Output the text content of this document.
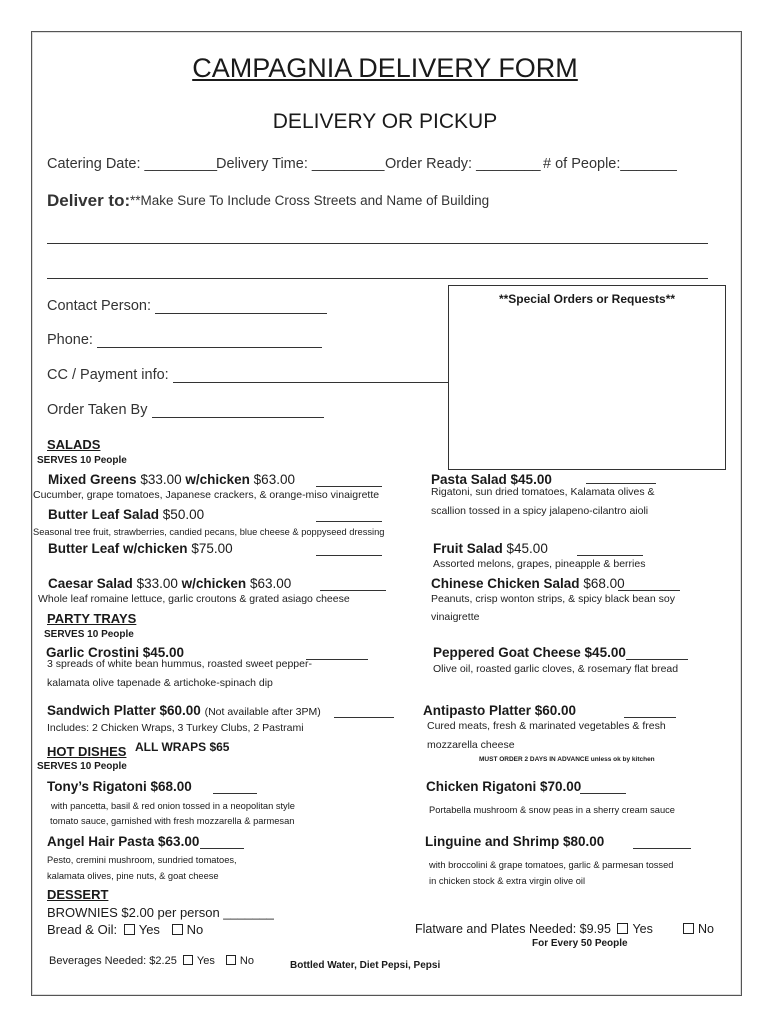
CAMPAGNIA DELIVERY FORM
DELIVERY OR PICKUP
Catering Date: _________
Delivery Time: _________ Order Ready: ________ # of People:_______
Deliver to: **Make Sure To Include Cross Streets and Name of Building
Contact Person:
Phone:
CC / Payment info:
Order Taken By
**Special Orders or Requests**
SALADS
SERVES 10 People
Mixed Greens $33.00 w/chicken $63.00
Cucumber, grape tomatoes, Japanese crackers, & orange-miso vinaigrette
Butter Leaf Salad $50.00
Seasonal tree fruit, strawberries, candied pecans, blue cheese & poppyseed dressing
Butter Leaf w/chicken $75.00
Caesar Salad $33.00 w/chicken $63.00
Whole leaf romaine lettuce, garlic croutons & grated asiago cheese
Pasta Salad $45.00
Rigatoni, sun dried tomatoes, Kalamata olives &
scallion tossed in a spicy jalapeno-cilantro aioli
Fruit Salad $45.00
Assorted melons, grapes, pineapple & berries
Chinese Chicken Salad $68.00
Peanuts, crisp wonton strips, & spicy black bean soy
vinaigrette
PARTY TRAYS
SERVES 10 People
Garlic Crostini $45.00
3 spreads of white bean hummus, roasted sweet pepper-
kalamata olive tapenade & artichoke-spinach dip
Peppered Goat Cheese $45.00
Olive oil, roasted garlic cloves, & rosemary flat bread
Sandwich Platter $60.00 (Not available after 3PM)
Includes: 2 Chicken Wraps, 3 Turkey Clubs, 2 Pastrami
ALL WRAPS $65
Antipasto Platter $60.00
Cured meats, fresh & marinated vegetables & fresh
mozzarella cheese
MUST ORDER 2 DAYS IN ADVANCE unless ok by kitchen
HOT DISHES
SERVES 10 People
Tony’s Rigatoni $68.00
with pancetta, basil & red onion tossed in a neopolitan style
tomato sauce, garnished with fresh mozzarella & parmesan
Chicken Rigatoni $70.00
Portabella mushroom & snow peas in a sherry cream sauce
Angel Hair Pasta $63.00
Pesto, cremini mushroom, sundried tomatoes,
kalamata olives, pine nuts, & goat cheese
Linguine and Shrimp $80.00
with broccolini & grape tomatoes, garlic & parmesan tossed
in chicken stock & extra virgin olive oil
DESSERT
BROWNIES $2.00 per person _______
Bread & Oil: Yes No	Flatware and Plates Needed: $9.95 Yes	No
For Every 50 People
Beverages Needed: $2.25 Yes No	Bottled Water, Diet Pepsi, Pepsi
